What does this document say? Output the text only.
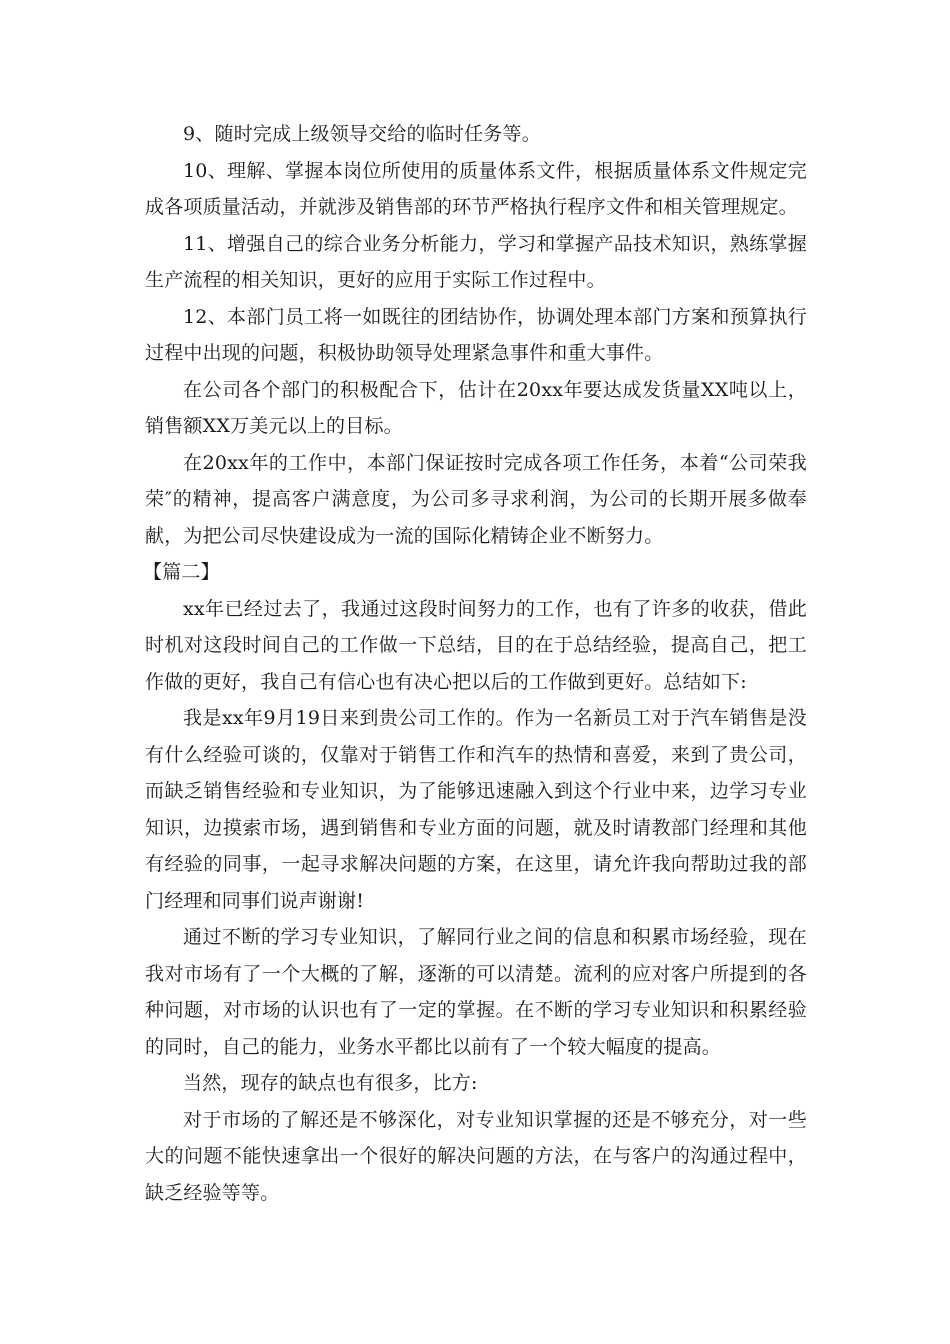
9、随时完成上级领导交给的临时任务等。

10、理解、掌握本岗位所使用的质量体系文件，根据质量体系文件规定完成各项质量活动，并就涉及销售部的环节严格执行程序文件和相关管理规定。

11、增强自己的综合业务分析能力，学习和掌握产品技术知识，熟练掌握生产流程的相关知识，更好的应用于实际工作过程中。

12、本部门员工将一如既往的团结协作，协调处理本部门方案和预算执行过程中出现的问题，积极协助领导处理紧急事件和重大事件。

在公司各个部门的积极配合下，估计在20xx年要达成发货量XX吨以上，销售额XX万美元以上的目标。

在20xx年的工作中，本部门保证按时完成各项工作任务，本着“公司荣我荣″的精神，提高客户满意度，为公司多寻求利润，为公司的长期开展多做奉献，为把公司尽快建设成为一流的国际化精铸企业不断努力。

【篇二】

xx年已经过去了，我通过这段时间努力的工作，也有了许多的收获，借此时机对这段时间自己的工作做一下总结，目的在于总结经验，提高自己，把工作做的更好，我自己有信心也有决心把以后的工作做到更好。总结如下:

我是xx年9月19日来到贵公司工作的。作为一名新员工对于汽车销售是没有什么经验可谈的，仅靠对于销售工作和汽车的热情和喜爱，来到了贵公司，而缺乏销售经验和专业知识，为了能够迅速融入到这个行业中来，边学习专业知识，边摸索市场，遇到销售和专业方面的问题，就及时请教部门经理和其他有经验的同事，一起寻求解决问题的方案，在这里，请允许我向帮助过我的部门经理和同事们说声谢谢!

通过不断的学习专业知识，了解同行业之间的信息和积累市场经验，现在我对市场有了一个大概的了解，逐渐的可以清楚。流利的应对客户所提到的各种问题，对市场的认识也有了一定的掌握。在不断的学习专业知识和积累经验的同时，自己的能力，业务水平都比以前有了一个较大幅度的提高。

当然，现存的缺点也有很多，比方:

对于市场的了解还是不够深化，对专业知识掌握的还是不够充分，对一些大的问题不能快速拿出一个很好的解决问题的方法，在与客户的沟通过程中，缺乏经验等等。
